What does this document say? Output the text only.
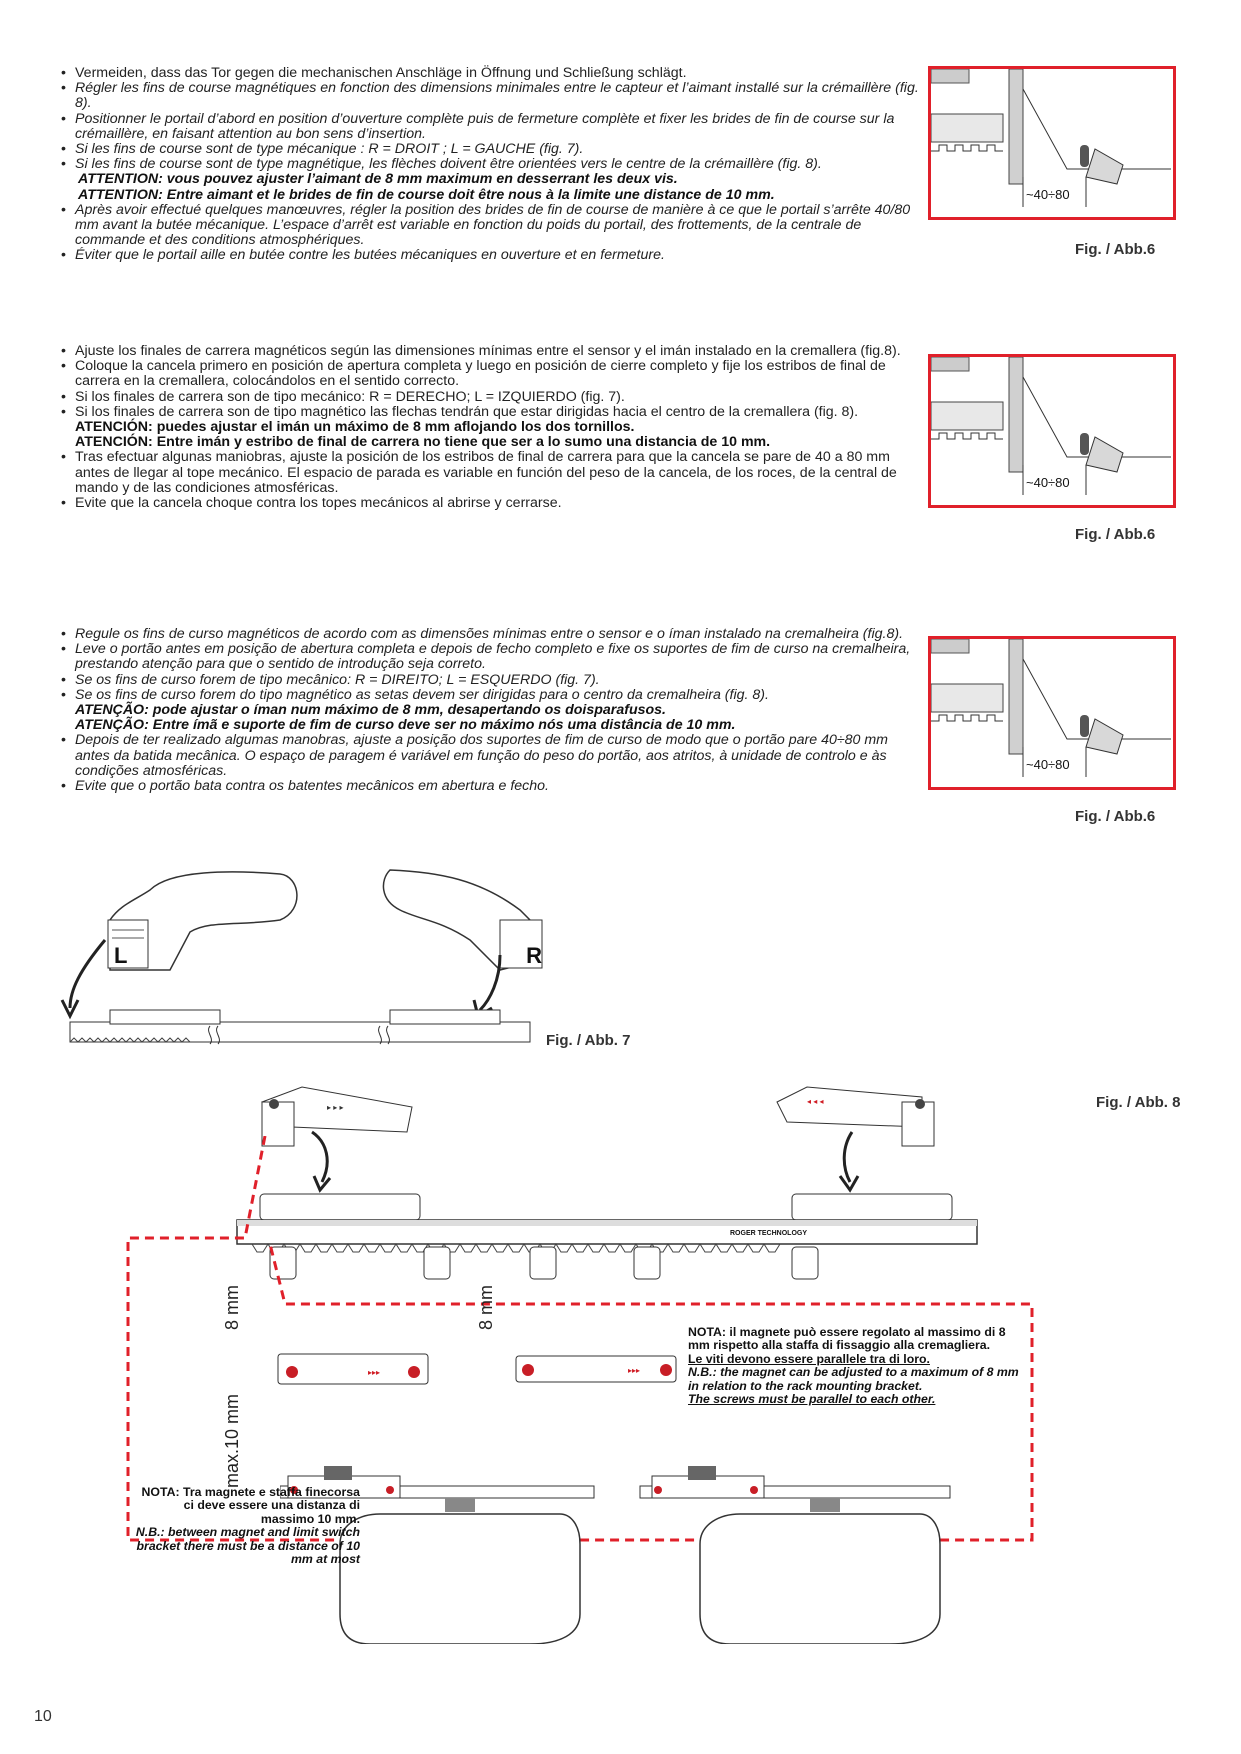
• Vermeiden, dass das Tor gegen die mechanischen Anschläge in Öffnung und Schließung schlägt.
• Régler les fins de course magnétiques en fonction des dimensions minimales entre le capteur et l’aimant installé sur la crémaillère (fig. 8).
• Positionner le portail d’abord en position d’ouverture complète puis de fermeture complète et fixer les brides de fin de course sur la crémaillère, en faisant attention au bon sens d’insertion.
• Si les fins de course sont de type mécanique : R = DROIT ; L = GAUCHE (fig. 7).
• Si les fins de course sont de type magnétique, les flèches doivent être orientées vers le centre de la crémaillère (fig. 8).
ATTENTION: vous pouvez ajuster l’aimant de 8 mm maximum en desserrant les deux vis.
ATTENTION: Entre aimant et le brides de fin de course doit être nous à la limite une distance de 10 mm.
• Après avoir effectué quelques manœuvres, régler la position des brides de fin de course de manière à ce que le portail s’arrête 40/80 mm avant la butée mécanique. L’espace d’arrêt est variable en fonction du poids du portail, des frottements, de la centrale de commande et des conditions atmosphériques.
• Éviter que le portail aille en butée contre les butées mécaniques en ouverture et en fermeture.
• Ajuste los finales de carrera magnéticos según las dimensiones mínimas entre el sensor y el imán instalado en la cremallera (fig.8).
• Coloque la cancela primero en posición de apertura completa y luego en posición de cierre completo y fije los estribos de final de carrera en la cremallera, colocándolos en el sentido correcto.
• Si los finales de carrera son de tipo mecánico: R = DERECHO; L = IZQUIERDO (fig. 7).
• Si los finales de carrera son de tipo magnético las flechas tendrán que estar dirigidas hacia el centro de la cremallera (fig. 8).
ATENCIÓN: puedes ajustar el imán un máximo de 8 mm aflojando los dos tornillos.
ATENCIÓN: Entre imán y estribo de final de carrera no tiene que ser a lo sumo una distancia de 10 mm.
• Tras efectuar algunas maniobras, ajuste la posición de los estribos de final de carrera para que la cancela se pare de 40 a 80 mm antes de llegar al tope mecánico. El espacio de parada es variable en función del peso de la cancela, de los roces, de la central de mando y de las condiciones atmosféricas.
• Evite que la cancela choque contra los topes mecánicos al abrirse y cerrarse.
• Regule os fins de curso magnéticos de acordo com as dimensões mínimas entre o sensor e o íman instalado na cremalheira (fig.8).
• Leve o portão antes em posição de abertura completa e depois de fecho completo e fixe os suportes de fim de curso na cremalheira, prestando atenção para que o sentido de introdução seja correto.
• Se os fins de curso forem de tipo mecânico: R = DIREITO; L = ESQUERDO (fig. 7).
• Se os fins de curso forem do tipo magnético as setas devem ser dirigidas para o centro da cremalheira (fig. 8).
ATENÇÃO: pode ajustar o íman num máximo de 8 mm, desapertando os doisparafusos.
ATENÇÃO: Entre ímã e suporte de fim de curso deve ser no máximo nós uma distância de 10 mm.
• Depois de ter realizado algumas manobras, ajuste a posição dos suportes de fim de curso de modo que o portão pare 40÷80 mm antes da batida mecânica. O espaço de paragem é variável em função do peso do portão, aos atritos, à unidade de controlo e às condições atmosféricas.
• Evite que o portão bata contra os batentes mecânicos em abertura e fecho.
~40÷80
Fig. / Abb.6
~40÷80
Fig. / Abb.6
~40÷80
Fig. / Abb.6
L	R
Fig. / Abb. 7
Fig. / Abb. 8
▸ ▸ ▸
◂ ◂ ◂
ROGER TECHNOLOGY
8 mm	8 mm
max.10 mm
▸▸▸	▸▸▸
NOTA: il magnete può essere regolato al massimo di 8 mm rispetto alla staffa di fissaggio alla cremagliera.
Le viti devono essere parallele tra di loro.
N.B.: the magnet can be adjusted to a maximum of 8 mm in relation to the rack mounting bracket.
The screws must be parallel to each other.
NOTA: Tra magnete e staffa finecorsa ci deve essere una distanza di massimo 10 mm.
N.B.: between magnet and limit switch bracket there must be a distance of 10 mm at most
10
